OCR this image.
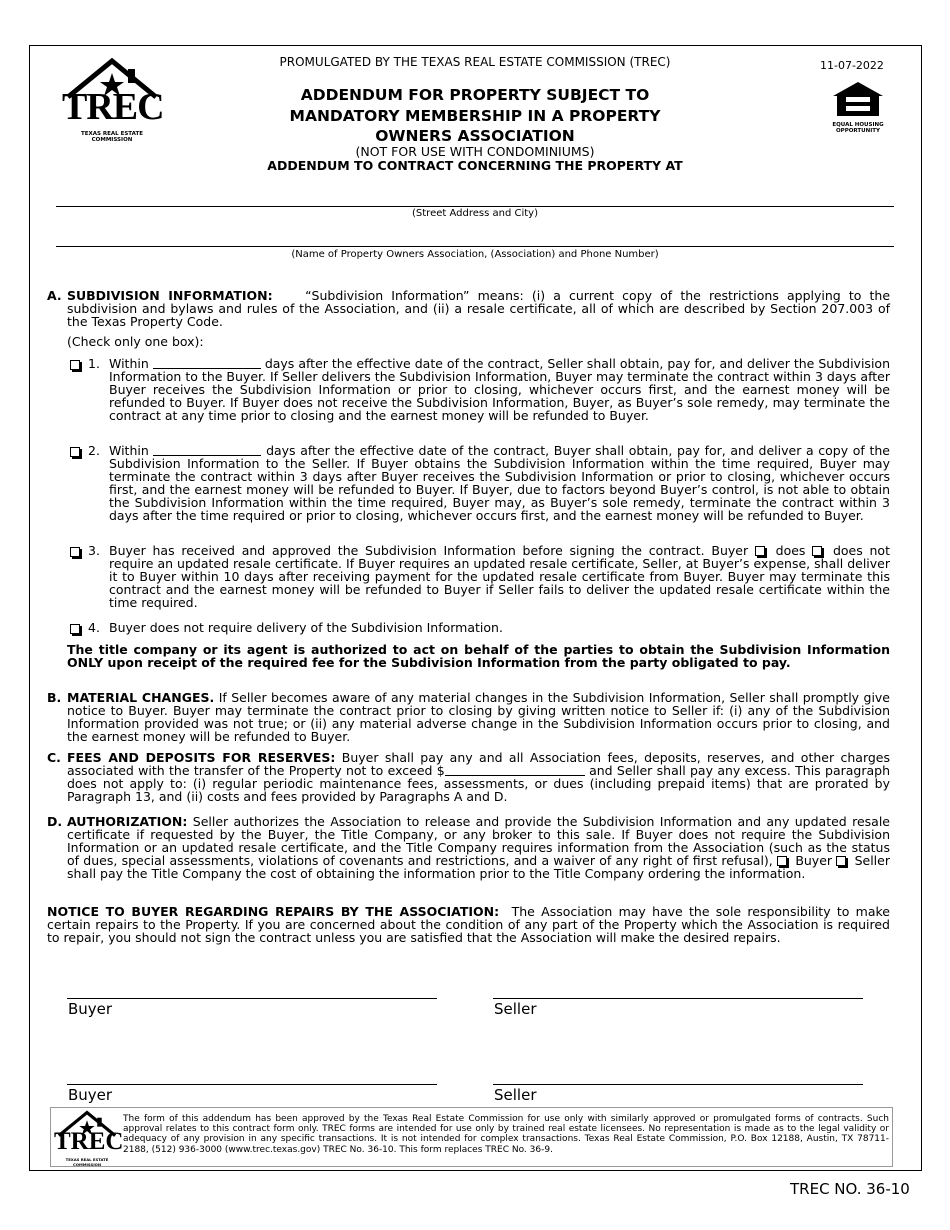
TREC
TEXAS REAL ESTATE COMMISSION
PROMULGATED BY THE TEXAS REAL ESTATE COMMISSION (TREC)	11-07-2022
ADDENDUM FOR PROPERTY SUBJECT TO
MANDATORY MEMBERSHIP IN A PROPERTY
OWNERS ASSOCIATION
(NOT FOR USE WITH CONDOMINIUMS)
ADDENDUM TO CONTRACT CONCERNING THE PROPERTY AT
EQUAL HOUSING
OPPORTUNITY
(Street Address and City)
(Name of Property Owners Association, (Association) and Phone Number)
A. SUBDIVISION INFORMATION:	“Subdivision Information” means: (i) a current copy of the restrictions applying to the subdivision and bylaws and rules of the Association, and (ii) a resale certificate, all of which are described by Section 207.003 of the Texas Property Code.
(Check only one box):
1. Within	days after the effective date of the contract, Seller shall obtain, pay for, and deliver the Subdivision Information to the Buyer. If Seller delivers the Subdivision Information, Buyer may terminate the contract within 3 days after Buyer receives the Subdivision Information or prior to closing, whichever occurs first, and the earnest money will be refunded to Buyer. If Buyer does not receive the Subdivision Information, Buyer, as Buyer’s sole remedy, may terminate the contract at any time prior to closing and the earnest money will be refunded to Buyer.
2. Within	days after the effective date of the contract, Buyer shall obtain, pay for, and deliver a copy of the Subdivision Information to the Seller. If Buyer obtains the Subdivision Information within the time required, Buyer may terminate the contract within 3 days after Buyer receives the Subdivision Information or prior to closing, whichever occurs first, and the earnest money will be refunded to Buyer. If Buyer, due to factors beyond Buyer’s control, is not able to obtain the Subdivision Information within the time required, Buyer may, as Buyer’s sole remedy, terminate the contract within 3 days after the time required or prior to closing, whichever occurs first, and the earnest money will be refunded to Buyer.
3. Buyer has received and approved the Subdivision Information before signing the contract. Buyer does does not require an updated resale certificate. If Buyer requires an updated resale certificate, Seller, at Buyer’s expense, shall deliver it to Buyer within 10 days after receiving payment for the updated resale certificate from Buyer. Buyer may terminate this contract and the earnest money will be refunded to Buyer if Seller fails to deliver the updated resale certificate within the time required.
4. Buyer does not require delivery of the Subdivision Information.
The title company or its agent is authorized to act on behalf of the parties to obtain the Subdivision Information ONLY upon receipt of the required fee for the Subdivision Information from the party obligated to pay.
B. MATERIAL CHANGES. If Seller becomes aware of any material changes in the Subdivision Information, Seller shall promptly give notice to Buyer. Buyer may terminate the contract prior to closing by giving written notice to Seller if: (i) any of the Subdivision Information provided was not true; or (ii) any material adverse change in the Subdivision Information occurs prior to closing, and the earnest money will be refunded to Buyer.
C. FEES AND DEPOSITS FOR RESERVES: Buyer shall pay any and all Association fees, deposits, reserves, and other charges associated with the transfer of the Property not to exceed $	and Seller shall pay any excess. This paragraph does not apply to: (i) regular periodic maintenance fees, assessments, or dues (including prepaid items) that are prorated by Paragraph 13, and (ii) costs and fees provided by Paragraphs A and D.
D. AUTHORIZATION: Seller authorizes the Association to release and provide the Subdivision Information and any updated resale certificate if requested by the Buyer, the Title Company, or any broker to this sale. If Buyer does not require the Subdivision Information or an updated resale certificate, and the Title Company requires information from the Association (such as the status of dues, special assessments, violations of covenants and restrictions, and a waiver of any right of first refusal), Buyer Seller shall pay the Title Company the cost of obtaining the information prior to the Title Company ordering the information.
NOTICE TO BUYER REGARDING REPAIRS BY THE ASSOCIATION: The Association may have the sole responsibility to make certain repairs to the Property. If you are concerned about the condition of any part of the Property which the Association is required to repair, you should not sign the contract unless you are satisfied that the Association will make the desired repairs.
Buyer	Seller
Buyer	Seller
TREC
TEXAS REAL ESTATE COMMISSION
The form of this addendum has been approved by the Texas Real Estate Commission for use only with similarly approved or promulgated forms of contracts. Such approval relates to this contract form only. TREC forms are intended for use only by trained real estate licensees. No representation is made as to the legal validity or adequacy of any provision in any specific transactions. It is not intended for complex transactions. Texas Real Estate Commission, P.O. Box 12188, Austin, TX 78711-2188, (512) 936-3000 (www.trec.texas.gov) TREC No. 36-10. This form replaces TREC No. 36-9.
TREC NO. 36-10
